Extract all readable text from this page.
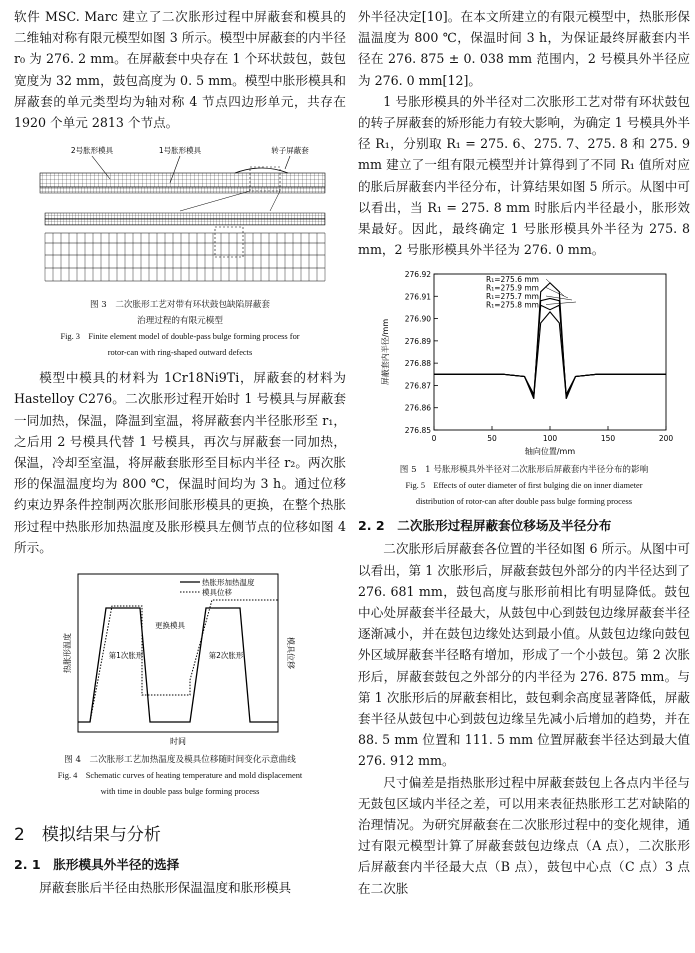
软件 MSC. Marc 建立了二次胀形过程中屏蔽套和模具的二维轴对称有限元模型如图 3 所示。模型中屏蔽套的内半径 r₀ 为 276. 2 mm。在屏蔽套中央存在 1 个环状鼓包，鼓包宽度为 32 mm，鼓包高度为 0. 5 mm。模型中胀形模具和屏蔽套的单元类型均为轴对称 4 节点四边形单元，共存在 1920 个单元 2813 个节点。

2号胀形模具	1号胀形模具	转子屏蔽套

图 3　二次胀形工艺对带有环状鼓包缺陷屏蔽套

治理过程的有限元模型

Fig. 3　Finite element model of double-pass bulge forming process for

rotor-can with ring-shaped outward defects

模型中模具的材料为 1Cr18Ni9Ti，屏蔽套的材料为 Hastelloy C276。二次胀形过程开始时 1 号模具与屏蔽套一同加热，保温，降温到室温，将屏蔽套内半径胀形至 r₁，之后用 2 号模具代替 1 号模具，再次与屏蔽套一同加热，保温，冷却至室温，将屏蔽套胀形至目标内半径 r₂。两次胀形的保温温度均为 800 ℃，保温时间均为 3 h。通过位移约束边界条件控制两次胀形间胀形模具的更换，在整个热胀形过程中热胀形加热温度及胀形模具左侧节点的位移如图 4 所示。

热胀形加热温度
模具位移
第1次胀形
更换模具
第2次胀形
热胀形温度	模具位移
时间

图 4　二次胀形工艺加热温度及模具位移随时间变化示意曲线

Fig. 4　Schematic curves of heating temperature and mold displacement

with time in double pass bulge forming process

2　模拟结果与分析
2. 1　胀形模具外半径的选择

屏蔽套胀后半径由热胀形保温温度和胀形模具

外半径决定[10]。在本文所建立的有限元模型中，热胀形保温温度为 800 ℃，保温时间 3 h，为保证最终屏蔽套内半径在 276. 875 ± 0. 038 mm 范围内，2 号模具外半径应为 276. 0 mm[12]。

1 号胀形模具的外半径对二次胀形工艺对带有环状鼓包的转子屏蔽套的矫形能力有较大影响，为确定 1 号模具外半径 R₁，分别取 R₁ = 275. 6、275. 7、275. 8 和 275. 9 mm 建立了一组有限元模型并计算得到了不同 R₁ 值所对应的胀后屏蔽套内半径分布，计算结果如图 5 所示。从图中可以看出，当 R₁ = 275. 8 mm 时胀后内半径最小，胀形效果最好。因此，最终确定 1 号胀形模具外半径为 275. 8 mm，2 号胀形模具外半径为 276. 0 mm。

276.85
276.86
276.87
276.88
276.89
276.90
276.91
276.92
0	50	100	150	200
R₁=275.6 mm
R₁=275.9 mm
R₁=275.7 mm
R₁=275.8 mm
屏蔽套内半径/mm
轴向位置/mm

图 5　1 号胀形模具外半径对二次胀形后屏蔽套内半径分布的影响

Fig. 5　Effects of outer diameter of first bulging die on inner diameter

distribution of rotor-can after double pass bulge forming process

2. 2　二次胀形过程屏蔽套位移场及半径分布

二次胀形后屏蔽套各位置的半径如图 6 所示。从图中可以看出，第 1 次胀形后，屏蔽套鼓包外部分的内半径达到了 276. 681 mm，鼓包高度与胀形前相比有明显降低。鼓包中心处屏蔽套半径最大，从鼓包中心到鼓包边缘屏蔽套半径逐渐减小，并在鼓包边缘处达到最小值。从鼓包边缘向鼓包外区域屏蔽套半径略有增加，形成了一个小鼓包。第 2 次胀形后，屏蔽套鼓包之外部分的内半径为 276. 875 mm。与第 1 次胀形后的屏蔽套相比，鼓包剩余高度显著降低，屏蔽套半径从鼓包中心到鼓包边缘呈先减小后增加的趋势，并在 88. 5 mm 位置和 111. 5 mm 位置屏蔽套半径达到最大值 276. 912 mm。

尺寸偏差是指热胀形过程中屏蔽套鼓包上各点内半径与无鼓包区域内半径之差，可以用来表征热胀形工艺对缺陷的治理情况。为研究屏蔽套在二次胀形过程中的变化规律，通过有限元模型计算了屏蔽套鼓包边缘点（A 点），二次胀形后屏蔽套内半径最大点（B 点），鼓包中心点（C 点）3 点在二次胀
